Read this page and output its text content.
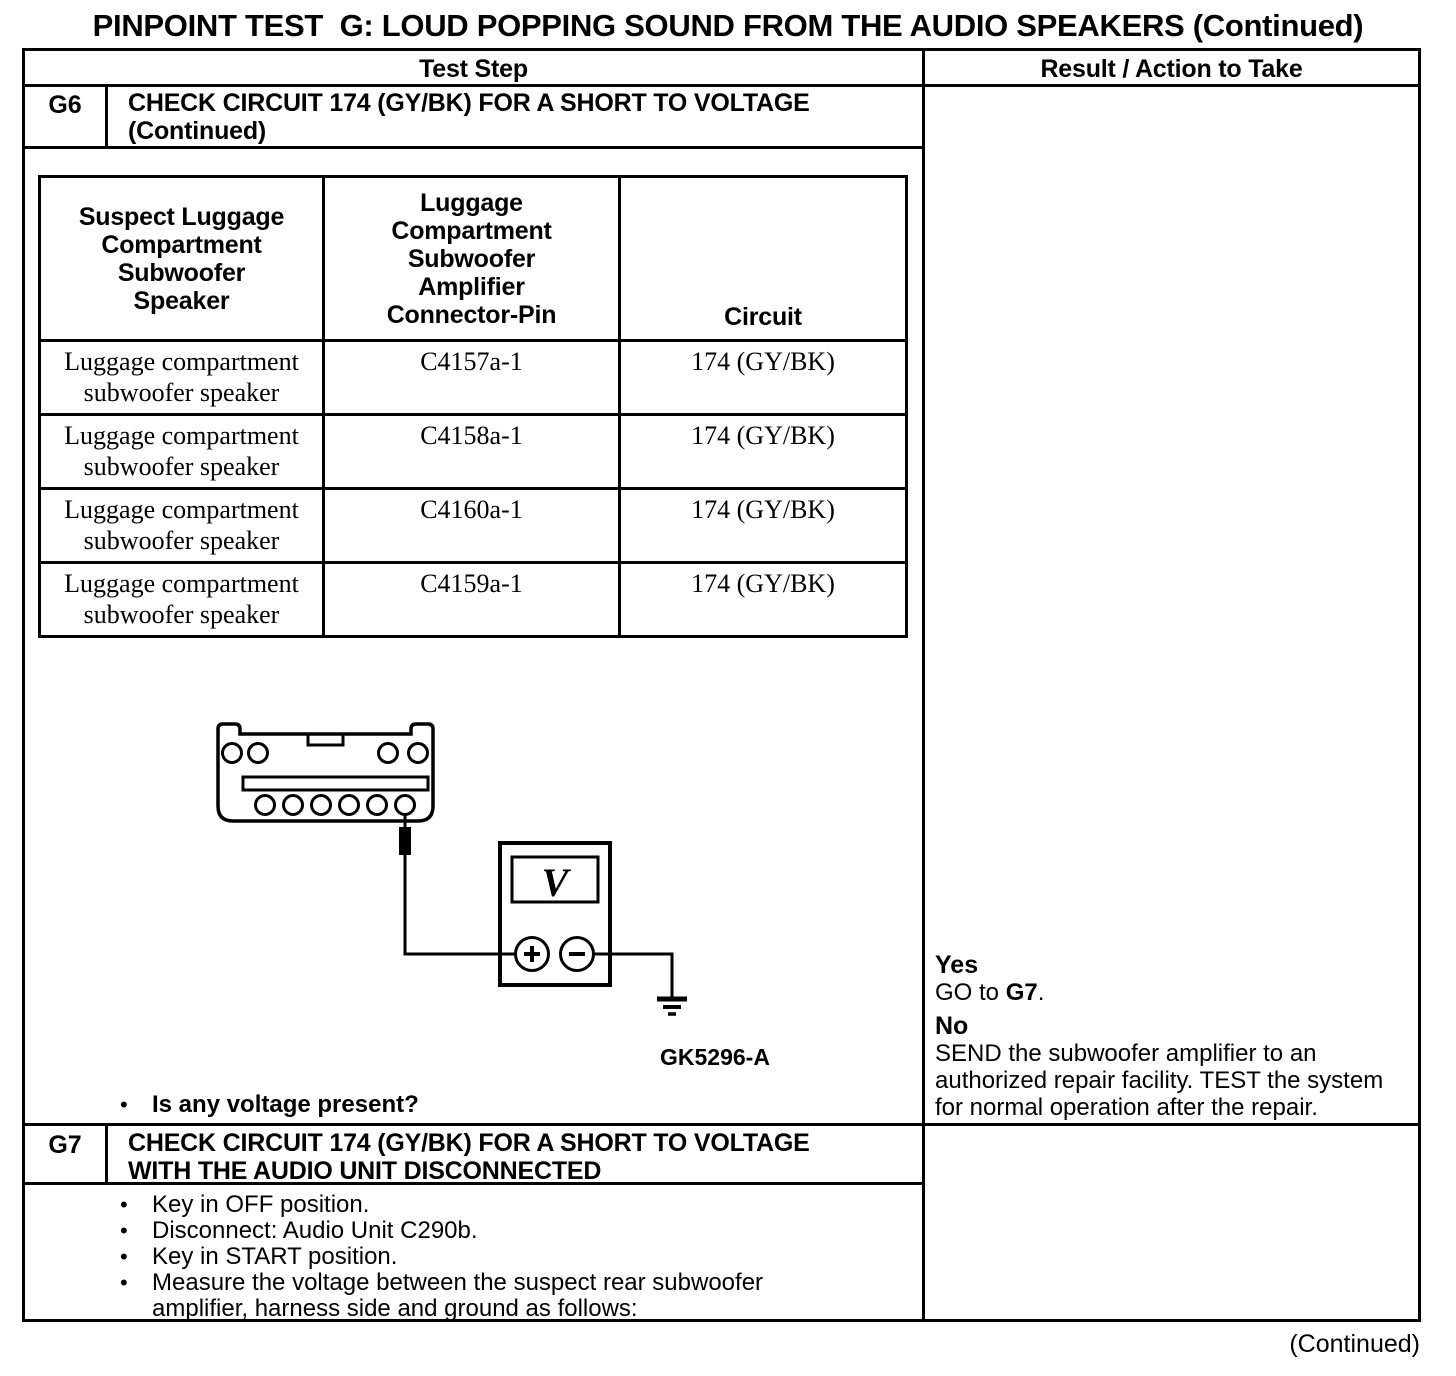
PINPOINT TEST  G: LOUD POPPING SOUND FROM THE AUDIO SPEAKERS (Continued)
Test Step	Result / Action to Take
G6	CHECK CIRCUIT 174 (GY/BK) FOR A SHORT TO VOLTAGE
(Continued)
Suspect Luggage Compartment Subwoofer Speaker	Luggage Compartment Subwoofer Amplifier Connector-Pin	Circuit
Luggage compartment subwoofer speaker	C4157a-1	174 (GY/BK)
Luggage compartment subwoofer speaker	C4158a-1	174 (GY/BK)
Luggage compartment subwoofer speaker	C4160a-1	174 (GY/BK)
Luggage compartment subwoofer speaker	C4159a-1	174 (GY/BK)
V
GK5296-A
• Is any voltage present?
Yes
GO to G7.
No
SEND the subwoofer amplifier to an authorized repair facility. TEST the system for normal operation after the repair.
G7	CHECK CIRCUIT 174 (GY/BK) FOR A SHORT TO VOLTAGE
WITH THE AUDIO UNIT DISCONNECTED
•	Key in OFF position.
•	Disconnect: Audio Unit C290b.
•	Key in START position.
•	Measure the voltage between the suspect rear subwoofer amplifier, harness side and ground as follows:
(Continued)
